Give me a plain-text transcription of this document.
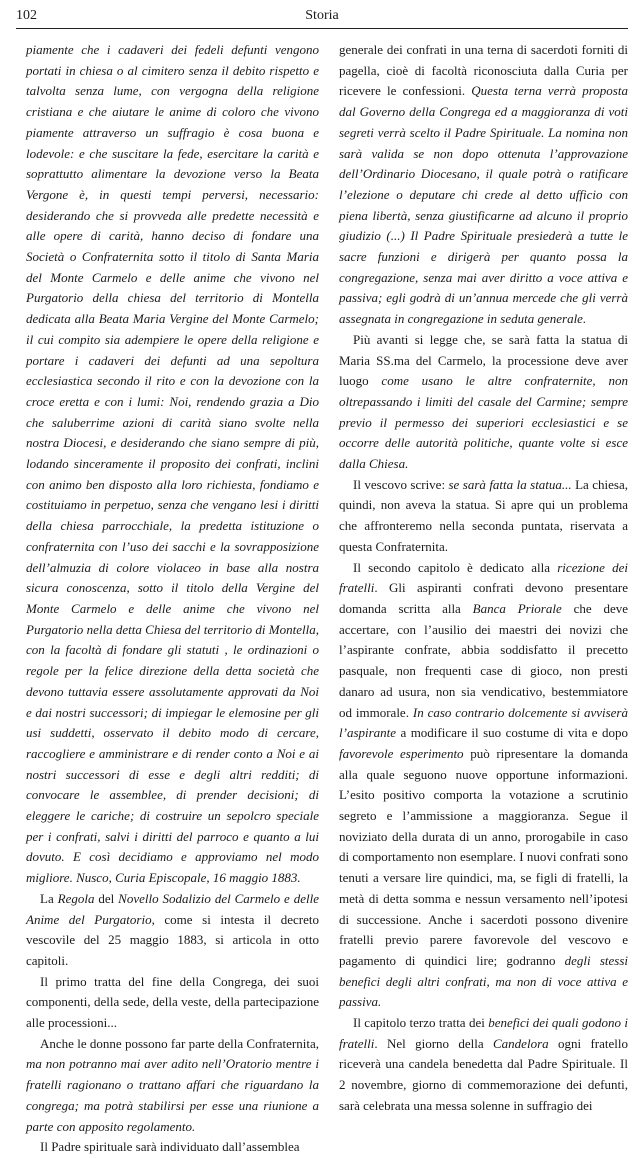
102	Storia

piamente che i cadaveri dei fedeli defunti vengono portati in chiesa o al cimitero senza il debito rispetto e talvolta senza lume, con vergogna della religione cristiana e che aiutare le anime di coloro che vivono piamente attraverso un suffragio è cosa buona e lodevole: e che suscitare la fede, esercitare la carità e soprattutto alimentare la devozione verso la Beata Vergone è, in questi tempi perversi, necessario: desiderando che si provveda alle predette necessità e alle opere di carità, hanno deciso di fondare una Società o Confraternita sotto il titolo di Santa Maria del Monte Carmelo e delle anime che vivono nel Purgatorio della chiesa del territorio di Montella dedicata alla Beata Maria Vergine del Monte Carmelo; il cui compito sia adempiere le opere della religione e portare i cadaveri dei defunti ad una sepoltura ecclesiastica secondo il rito e con la devozione con la croce eretta e con i lumi: Noi, rendendo grazia a Dio che saluberrime azioni di carità siano svolte nella nostra Diocesi, e desiderando che siano sempre di più, lodando sinceramente il proposito dei confrati, inclini con animo ben disposto alla loro richiesta, fondiamo e costituiamo in perpetuo, senza che vengano lesi i diritti della chiesa parrocchiale, la predetta istituzione o confraternita con l’uso dei sacchi e la sovrapposizione dell’almuzia di colore violaceo in base alla nostra sicura conoscenza, sotto il titolo della Vergine del Monte Carmelo e delle anime che vivono nel Purgatorio nella detta Chiesa del territorio di Montella, con la facoltà di fondare gli statuti , le ordinazioni o regole per la felice direzione della detta società che devono tuttavia essere assolutamente approvati da Noi e dai nostri successori; di impiegar le elemosine per gli usi suddetti, osservato il debito modo di cercare, raccogliere e amministrare e di render conto a Noi e ai nostri successori di esse e degli altri redditi; di convocare le assemblee, di prender decisioni; di eleggere le cariche; di costruire un sepolcro speciale per i confrati, salvi i diritti del parroco e quanto a lui dovuto. E così decidiamo e approviamo nel modo migliore. Nusco, Curia Episcopale, 16 maggio 1883.

La Regola del Novello Sodalizio del Carmelo e delle Anime del Purgatorio, come si intesta il decreto vescovile del 25 maggio 1883, si articola in otto capitoli.

Il primo tratta del fine della Congrega, dei suoi componenti, della sede, della veste, della partecipazione alle processioni...

Anche le donne possono far parte della Confraternita, ma non potranno mai aver adito nell’Oratorio mentre i fratelli ragionano o trattano affari che riguardano la congrega; ma potrà stabilirsi per esse una riunione a parte con apposito regolamento.

Il Padre spirituale sarà individuato dall’assemblea

generale dei confrati in una terna di sacerdoti forniti di pagella, cioè di facoltà riconosciuta dalla Curia per ricevere le confessioni. Questa terna verrà proposta dal Governo della Congrega ed a maggioranza di voti segreti verrà scelto il Padre Spirituale. La nomina non sarà valida se non dopo ottenuta l’approvazione dell’Ordinario Diocesano, il quale potrà o ratificare l’elezione o deputare chi crede al detto ufficio con piena libertà, senza giustificarne ad alcuno il proprio giudizio (...) Il Padre Spirituale presiederà a tutte le sacre funzioni e dirigerà per quanto possa la congregazione, senza mai aver diritto a voce attiva e passiva; egli godrà di un’annua mercede che gli verrà assegnata in congregazione in seduta generale.

Più avanti si legge che, se sarà fatta la statua di Maria SS.ma del Carmelo, la processione deve aver luogo come usano le altre confraternite, non oltrepassando i limiti del casale del Carmine; sempre previo il permesso dei superiori ecclesiastici e se occorre delle autorità politiche, quante volte si esce dalla Chiesa.

Il vescovo scrive: se sarà fatta la statua... La chiesa, quindi, non aveva la statua. Si apre qui un problema che affronteremo nella seconda puntata, riservata a questa Confraternita.

Il secondo capitolo è dedicato alla ricezione dei fratelli. Gli aspiranti confrati devono presentare domanda scritta alla Banca Priorale che deve accertare, con l’ausilio dei maestri dei novizi che l’aspirante confrate, abbia soddisfatto il precetto pasquale, non frequenti case di gioco, non presti danaro ad usura, non sia vendicativo, bestemmiatore od immorale. In caso contrario dolcemente si avviserà l’aspirante a modificare il suo costume di vita e dopo favorevole esperimento può ripresentare la domanda alla quale seguono nuove opportune informazioni. L’esito positivo comporta la votazione a scrutinio segreto e l’ammissione a maggioranza. Segue il noviziato della durata di un anno, prorogabile in caso di comportamento non esemplare. I nuovi confrati sono tenuti a versare lire quindici, ma, se figli di fratelli, la metà di detta somma e nessun versamento nell’ipotesi di successione. Anche i sacerdoti possono divenire fratelli previo parere favorevole del vescovo e pagamento di quindici lire; godranno degli stessi benefici degli altri confrati, ma non di voce attiva e passiva.

Il capitolo terzo tratta dei benefici dei quali godono i fratelli. Nel giorno della Candelora ogni fratello riceverà una candela benedetta dal Padre Spirituale. Il 2 novembre, giorno di commemorazione dei defunti, sarà celebrata una messa solenne in suffragio dei
